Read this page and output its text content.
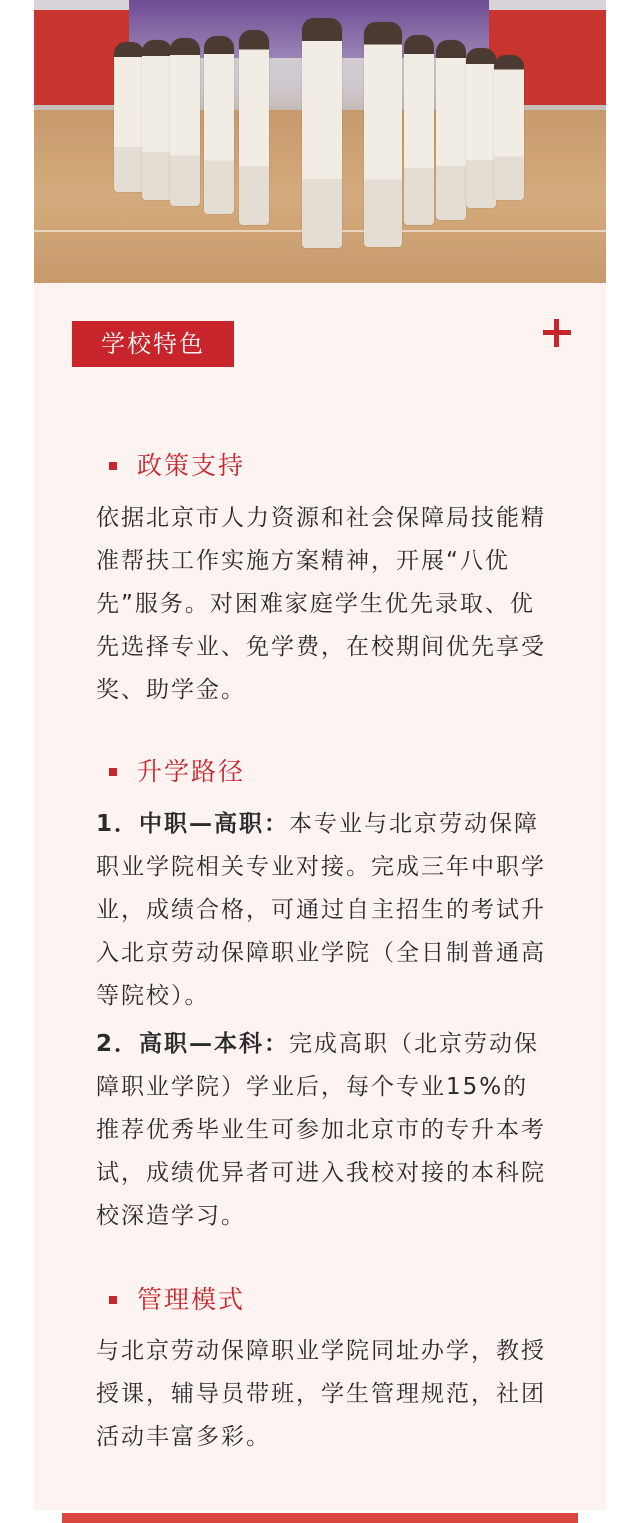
学校特色
政策支持
依据北京市人力资源和社会保障局技能精准帮扶工作实施方案精神，开展“八优先”服务。对困难家庭学生优先录取、优先选择专业、免学费，在校期间优先享受奖、助学金。
升学路径
1．中职—高职：本专业与北京劳动保障职业学院相关专业对接。完成三年中职学业，成绩合格，可通过自主招生的考试升入北京劳动保障职业学院（全日制普通高等院校）。
2．高职—本科：完成高职（北京劳动保障职业学院）学业后，每个专业15%的推荐优秀毕业生可参加北京市的专升本考试，成绩优异者可进入我校对接的本科院校深造学习。
管理模式
与北京劳动保障职业学院同址办学，教授授课，辅导员带班，学生管理规范，社团活动丰富多彩。
